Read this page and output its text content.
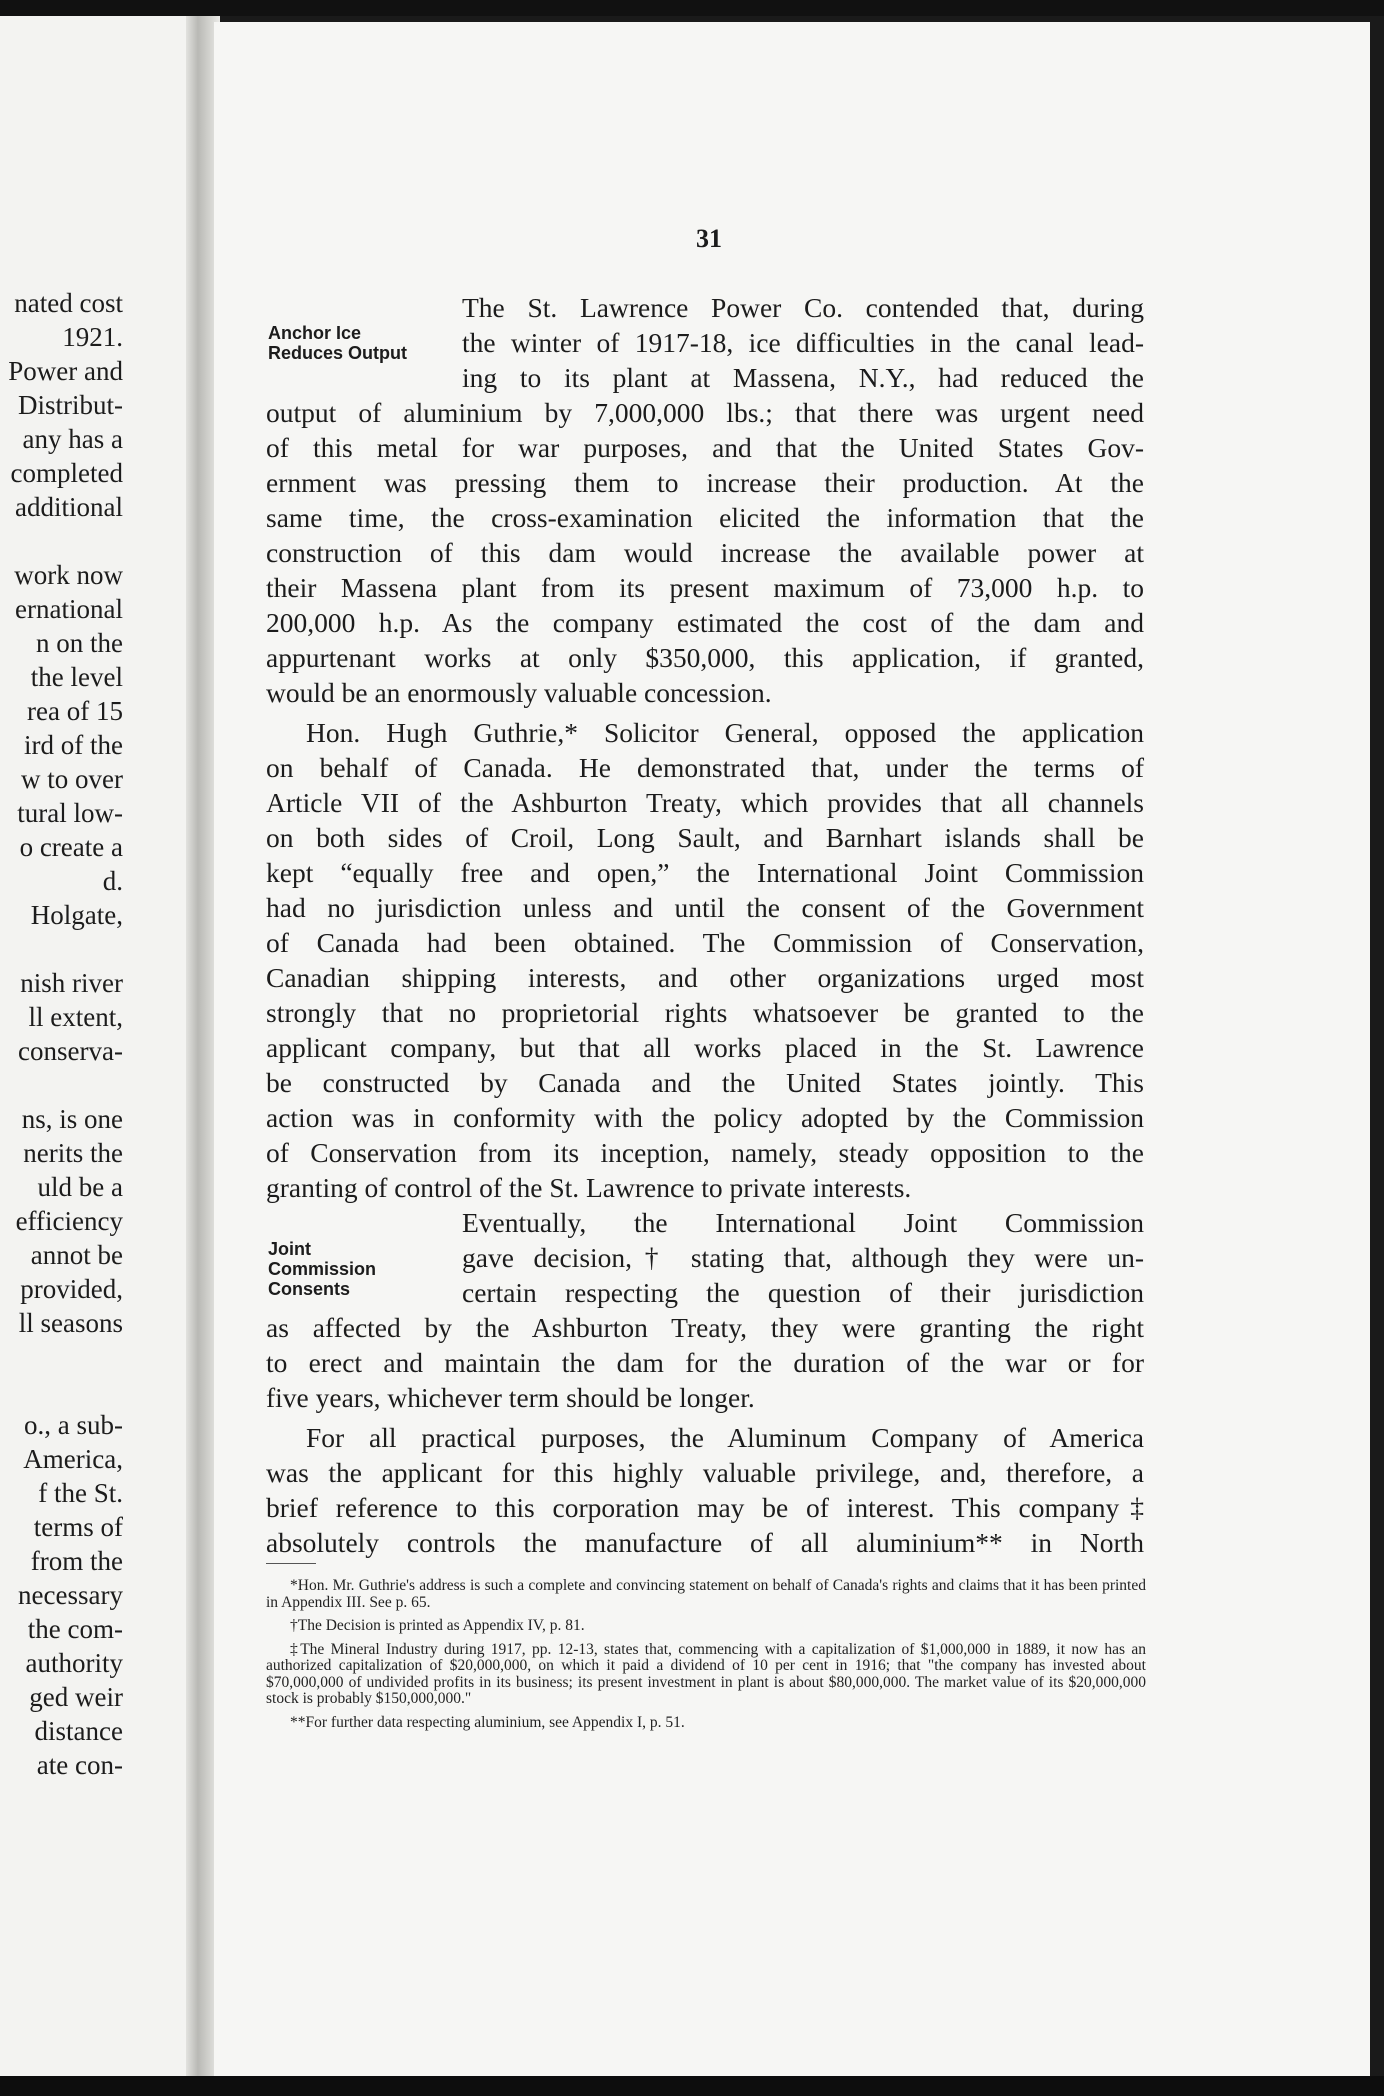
nated cost
1921.
Power and
Distribut-
any has a
completed
additional
work now
ernational
n on the
the level
rea of 15
ird of the
w to over
tural low-
o create a
d.
Holgate,
nish river
ll extent,
conserva-
ns, is one
nerits the
uld be a
efficiency
annot be
provided,
ll seasons
o., a sub-
America,
f the St.
terms of
from the
necessary
the com-
authority
ged weir
distance
ate con-
31
Anchor Ice
Reduces Output
The St. Lawrence Power Co. contended that, during
the winter of 1917-18, ice difficulties in the canal lead-
ing to its plant at Massena, N.Y., had reduced the
output of aluminium by 7,000,000 lbs.; that there was urgent need
of this metal for war purposes, and that the United States Gov-
ernment was pressing them to increase their production. At the
same time, the cross-examination elicited the information that the
construction of this dam would increase the available power at
their Massena plant from its present maximum of 73,000 h.p. to
200,000 h.p. As the company estimated the cost of the dam and
appurtenant works at only $350,000, this application, if granted,
would be an enormously valuable concession.
Hon. Hugh Guthrie,* Solicitor General, opposed the application
on behalf of Canada. He demonstrated that, under the terms of
Article VII of the Ashburton Treaty, which provides that all channels
on both sides of Croil, Long Sault, and Barnhart islands shall be
kept “equally free and open,” the International Joint Commission
had no jurisdiction unless and until the consent of the Government
of Canada had been obtained. The Commission of Conservation,
Canadian shipping interests, and other organizations urged most
strongly that no proprietorial rights whatsoever be granted to the
applicant company, but that all works placed in the St. Lawrence
be constructed by Canada and the United States jointly. This
action was in conformity with the policy adopted by the Commission
of Conservation from its inception, namely, steady opposition to the
granting of control of the St. Lawrence to private interests.
Joint
Commission
Consents
Eventually, the International Joint Commission
gave decision,† stating that, although they were un-
certain respecting the question of their jurisdiction
as affected by the Ashburton Treaty, they were granting the right
to erect and maintain the dam for the duration of the war or for
five years, whichever term should be longer.
For all practical purposes, the Aluminum Company of America
was the applicant for this highly valuable privilege, and, therefore, a
brief reference to this corporation may be of interest. This company‡
absolutely controls the manufacture of all aluminium** in North

*Hon. Mr. Guthrie's address is such a complete and convincing statement on behalf of Canada's rights and claims that it has been printed in Appendix III. See p. 65.

†The Decision is printed as Appendix IV, p. 81.

‡The Mineral Industry during 1917, pp. 12-13, states that, commencing with a capitalization of $1,000,000 in 1889, it now has an authorized capitalization of $20,000,000, on which it paid a dividend of 10 per cent in 1916; that "the company has invested about $70,000,000 of undivided profits in its business; its present investment in plant is about $80,000,000. The market value of its $20,000,000 stock is probably $150,000,000."

**For further data respecting aluminium, see Appendix I, p. 51.
